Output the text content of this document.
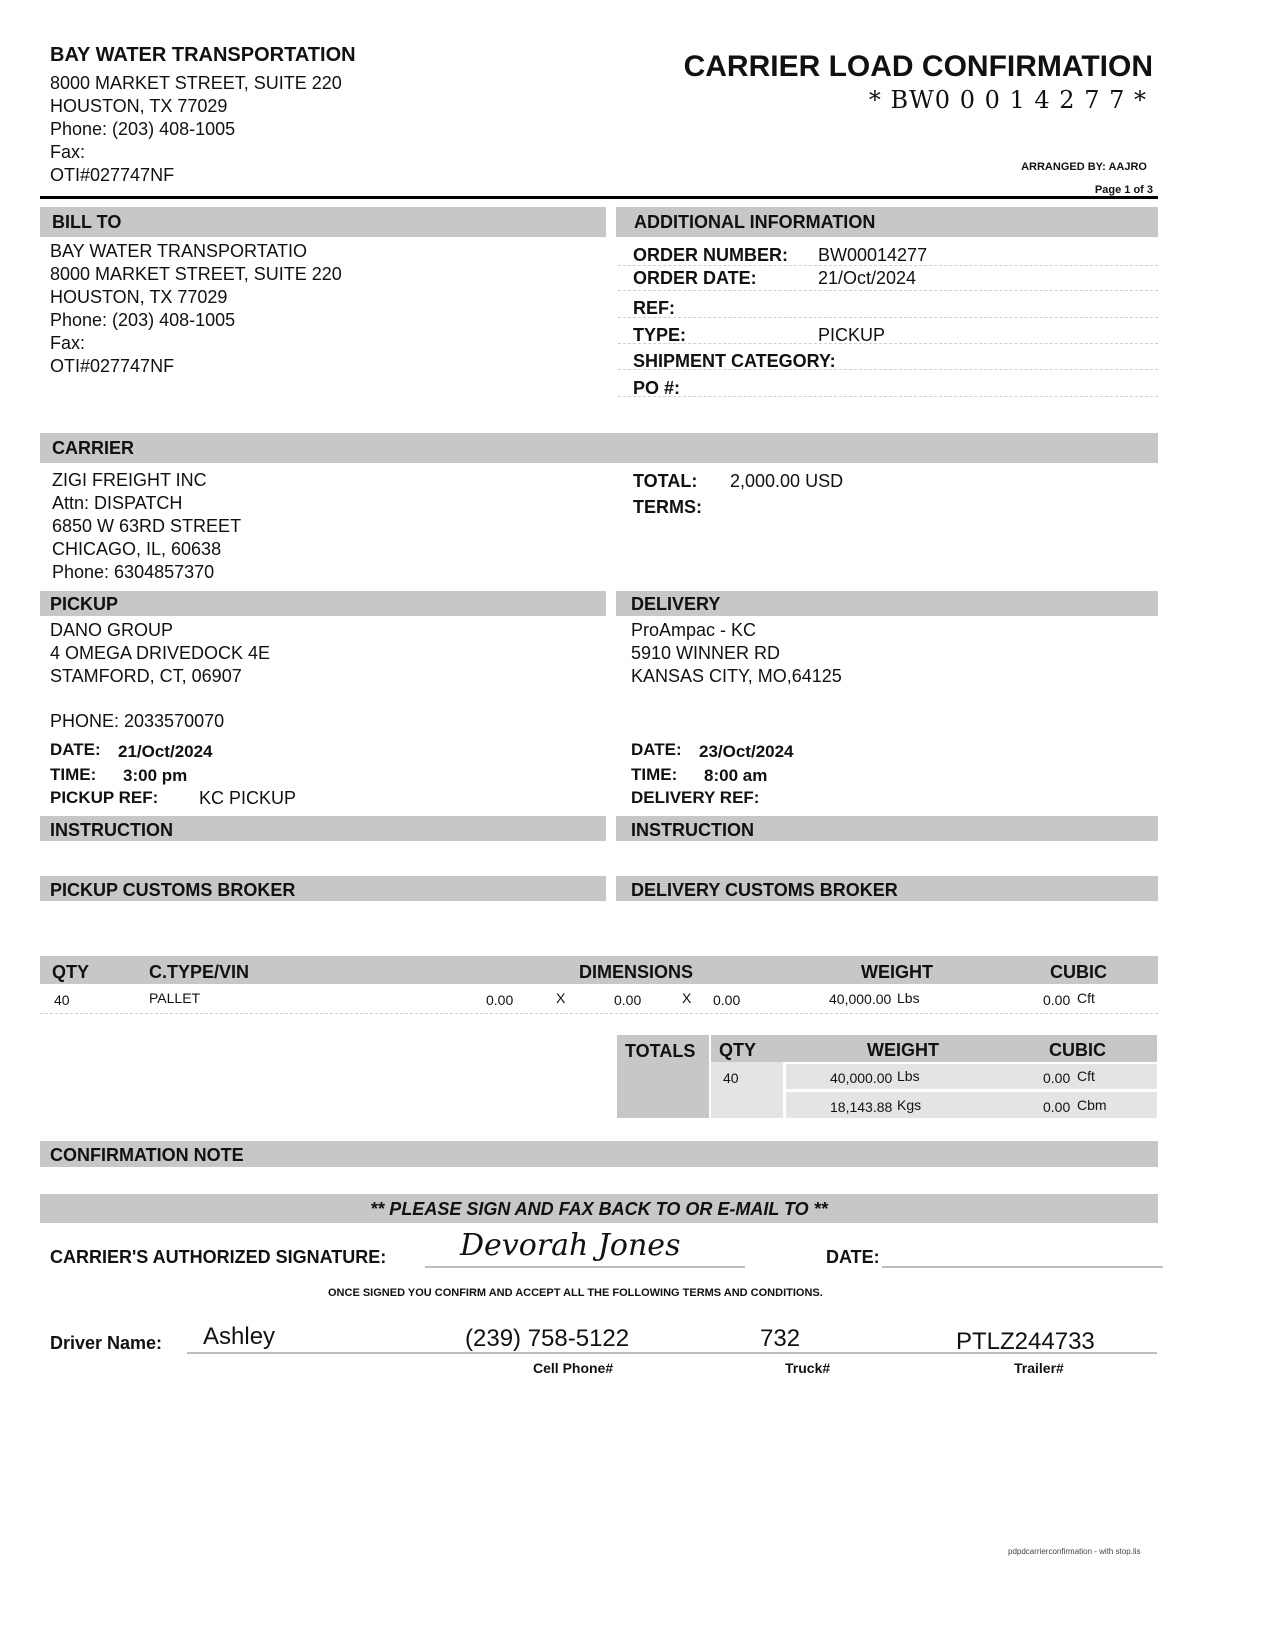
BAY WATER TRANSPORTATION
8000 MARKET STREET, SUITE 220
HOUSTON, TX 77029
Phone: (203) 408-1005
Fax:
OTI#027747NF
CARRIER LOAD CONFIRMATION
* BW0 0 0 1 4 2 7 7 *
ARRANGED BY: AAJRO
Page 1 of 3
BILL TO	ADDITIONAL INFORMATION
BAY WATER TRANSPORTATIO
8000 MARKET STREET, SUITE 220
HOUSTON, TX 77029
Phone: (203) 408-1005
Fax:
OTI#027747NF
ORDER NUMBER: BW00014277
ORDER DATE:	21/Oct/2024
REF:
TYPE:	PICKUP
SHIPMENT CATEGORY:
PO #:
CARRIER
ZIGI FREIGHT INC
Attn: DISPATCH
6850 W 63RD STREET
CHICAGO, IL, 60638
Phone: 6304857370
TOTAL: 2,000.00 USD
TERMS:
PICKUP	DELIVERY
DANO GROUP
4 OMEGA DRIVEDOCK 4E
STAMFORD, CT, 06907
PHONE: 2033570070
ProAmpac - KC
5910 WINNER RD
KANSAS CITY, MO,64125
DATE: 21/Oct/2024
TIME: 3:00 pm
PICKUP REF: KC PICKUP
DATE: 23/Oct/2024
TIME: 8:00 am
DELIVERY REF:
INSTRUCTION	INSTRUCTION
PICKUP CUSTOMS BROKER	DELIVERY CUSTOMS BROKER
QTY	C.TYPE/VIN	DIMENSIONS	WEIGHT	CUBIC
40	PALLET	0.00	X	0.00	X 0.00	40,000.00 Lbs	0.00 Cft
TOTALS QTY	WEIGHT	CUBIC
40	40,000.00 Lbs	0.00 Cft
18,143.88 Kgs	0.00 Cbm
CONFIRMATION NOTE
** PLEASE SIGN AND FAX BACK TO OR E-MAIL TO **
CARRIER'S AUTHORIZED SIGNATURE: Devorah Jones	DATE:
ONCE SIGNED YOU CONFIRM AND ACCEPT ALL THE FOLLOWING TERMS AND CONDITIONS.
Driver Name: Ashley	(239) 758-5122	732	PTLZ244733
Cell Phone#	Truck#	Trailer#
pdpdcarrierconfirmation - with stop.lis
